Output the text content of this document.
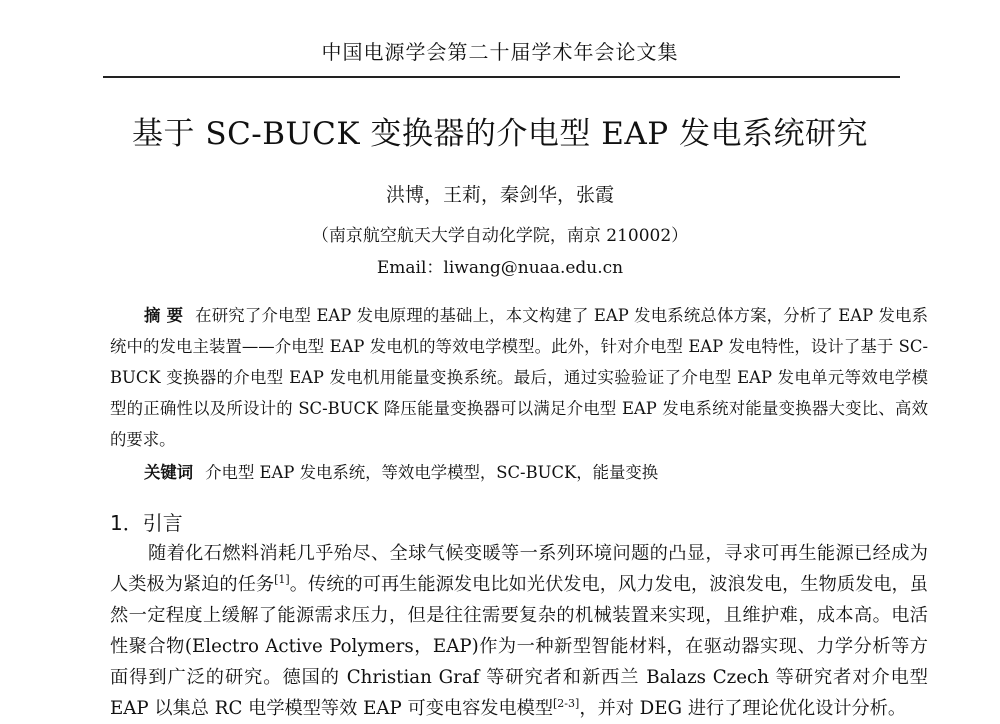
中国电源学会第二十届学术年会论文集
基于 SC-BUCK 变换器的介电型 EAP 发电系统研究
洪博，王莉，秦剑华，张霞
（南京航空航天大学自动化学院，南京 210002）
Email：liwang@nuaa.edu.cn
摘要 在研究了介电型 EAP 发电原理的基础上，本文构建了 EAP 发电系统总体方案，分析了 EAP 发电系统中的发电主装置——介电型 EAP 发电机的等效电学模型。此外，针对介电型 EAP 发电特性，设计了基于 SC-BUCK 变换器的介电型 EAP 发电机用能量变换系统。最后，通过实验验证了介电型 EAP 发电单元等效电学模型的正确性以及所设计的 SC-BUCK 降压能量变换器可以满足介电型 EAP 发电系统对能量变换器大变比、高效的要求。
关键词 介电型 EAP 发电系统，等效电学模型，SC-BUCK，能量变换
1．引言
随着化石燃料消耗几乎殆尽、全球气候变暖等一系列环境问题的凸显，寻求可再生能源已经成为人类极为紧迫的任务[1]。传统的可再生能源发电比如光伏发电，风力发电，波浪发电，生物质发电，虽然一定程度上缓解了能源需求压力，但是往往需要复杂的机械装置来实现，且维护难，成本高。电活性聚合物(Electro Active Polymers，EAP)作为一种新型智能材料，在驱动器实现、力学分析等方面得到广泛的研究。德国的 Christian Graf 等研究者和新西兰 Balazs Czech 等研究者对介电型 EAP 以集总 RC 电学模型等效 EAP 可变电容发电模型[2-3]，并对 DEG 进行了理论优化设计分析。
